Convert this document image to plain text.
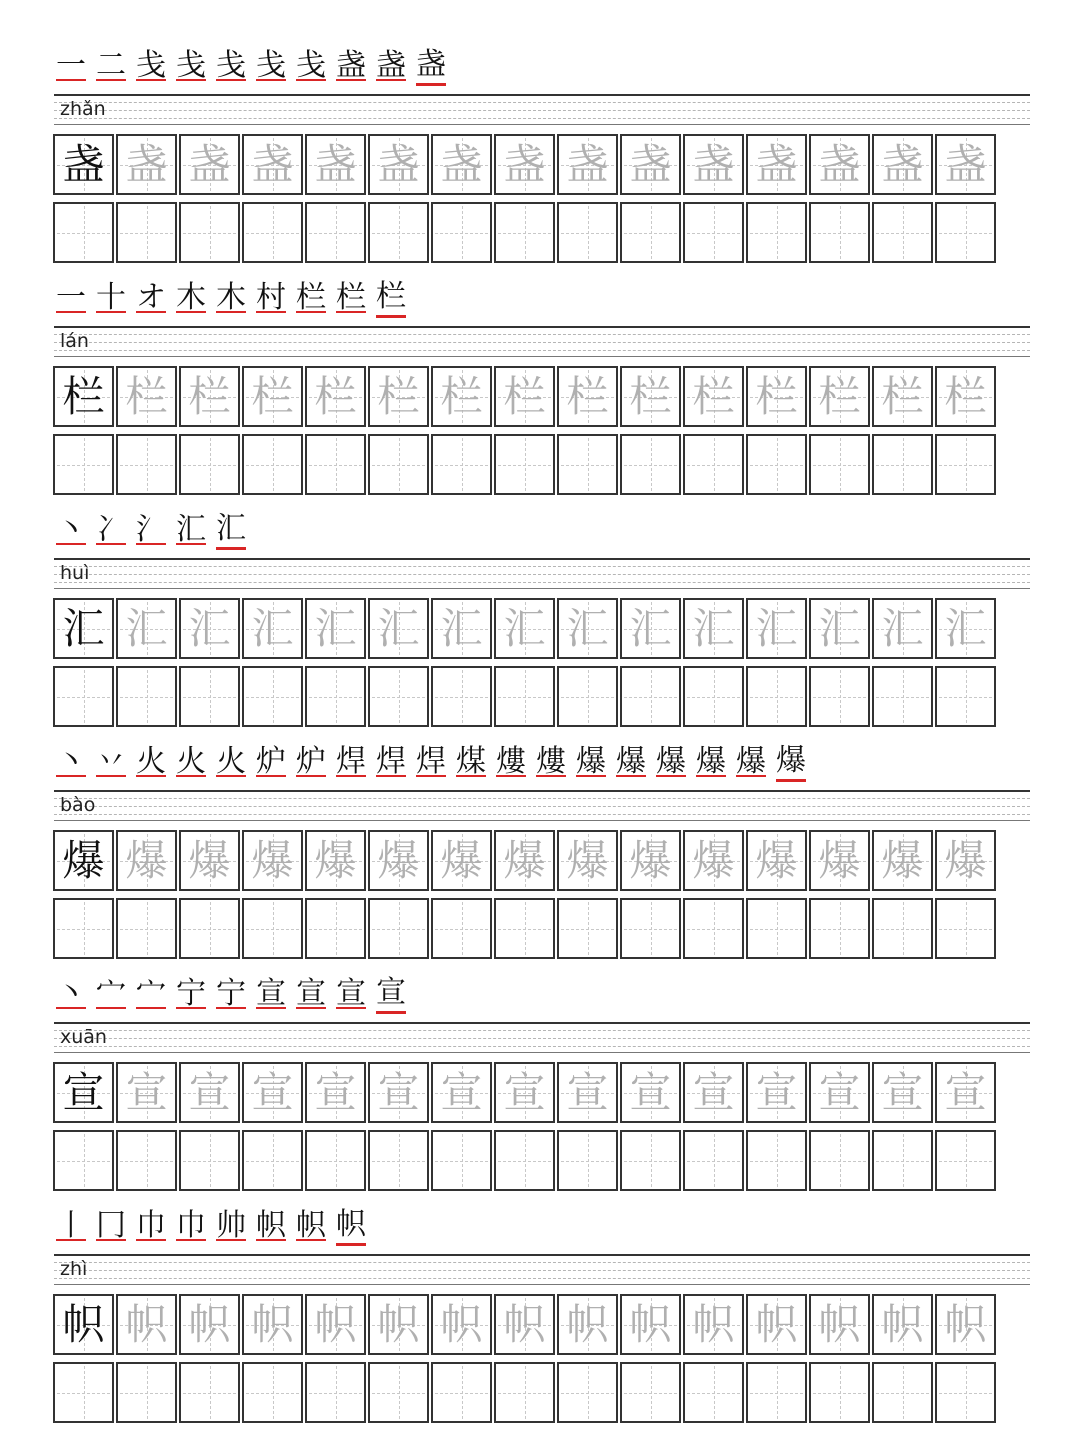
一 二 戋 戋 戋 戋 戋 盏 盏 盏
zhǎn
盏 盏 盏 盏 盏 盏 盏 盏 盏 盏 盏 盏 盏 盏 盏
一 十 オ 木 木 村 栏 栏 栏
lán
栏 栏 栏 栏 栏 栏 栏 栏 栏 栏 栏 栏 栏 栏 栏
丶 冫 氵 汇 汇
huì
汇 汇 汇 汇 汇 汇 汇 汇 汇 汇 汇 汇 汇 汇 汇
丶 丷 火 火 火 炉 炉 焊 焊 焊 煤 熡 熡 爆 爆 爆 爆 爆 爆
bào
爆 爆 爆 爆 爆 爆 爆 爆 爆 爆 爆 爆 爆 爆 爆
丶 宀 宀 宁 宁 宣 宣 宣 宣
xuān
宣 宣 宣 宣 宣 宣 宣 宣 宣 宣 宣 宣 宣 宣 宣
丨 冂 巾 巾 帅 帜 帜 帜
zhì
帜 帜 帜 帜 帜 帜 帜 帜 帜 帜 帜 帜 帜 帜 帜
